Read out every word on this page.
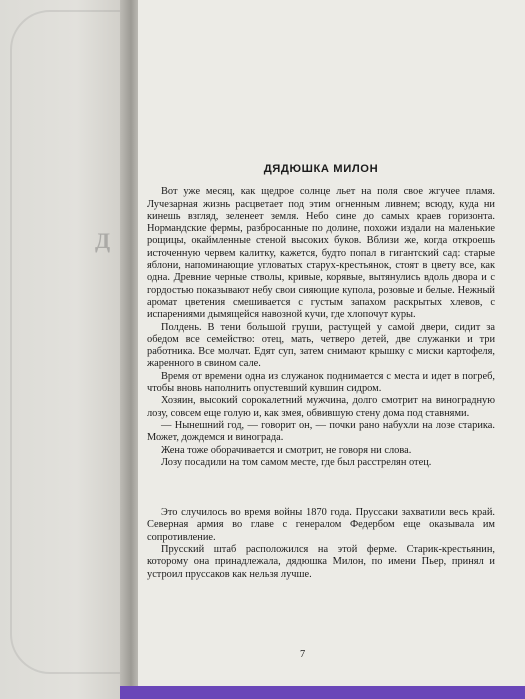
Д
ДЯДЮШКА МИЛОН

Вот уже месяц, как щедрое солнце льет на поля свое жгучее пламя. Лучезарная жизнь расцветает под этим огненным ливнем; всюду, куда ни кинешь взгляд, зеленеет земля. Небо сине до самых краев горизонта. Нормандские фермы, разбросанные по долине, похожи издали на маленькие рощицы, окаймленные стеной высоких буков. Вблизи же, когда откроешь источенную червем калитку, кажется, будто попал в гигантский сад: старые яблони, напоминающие угловатых старух-крестьянок, стоят в цвету все, как одна. Древние черные стволы, кривые, корявые, вытянулись вдоль двора и с гордостью показывают небу свои сияющие купола, розовые и белые. Нежный аромат цветения смешивается с густым запахом раскрытых хлевов, с испарениями дымящейся навозной кучи, где хлопочут куры.

Полдень. В тени большой груши, растущей у самой двери, сидит за обедом все семейство: отец, мать, четверо детей, две служанки и три работника. Все молчат. Едят суп, затем снимают крышку с миски картофеля, жаренного в свином сале.

Время от времени одна из служанок поднимается с места и идет в погреб, чтобы вновь наполнить опустевший кувшин сидром.

Хозяин, высокий сорокалетний мужчина, долго смотрит на виноградную лозу, совсем еще голую и, как змея, обвившую стену дома под ставнями.

— Нынешний год, — говорит он, — почки рано набухли на лозе старика. Может, дождемся и винограда.

Жена тоже оборачивается и смотрит, не говоря ни слова.

Лозу посадили на том самом месте, где был расстрелян отец.

Это случилось во время войны 1870 года. Пруссаки захватили весь край. Северная армия во главе с генералом Федербом еще оказывала им сопротивление.

Прусский штаб расположился на этой ферме. Старик-крестьянин, которому она принадлежала, дядюшка Милон, по имени Пьер, принял и устроил пруссаков как нельзя лучше.

7
